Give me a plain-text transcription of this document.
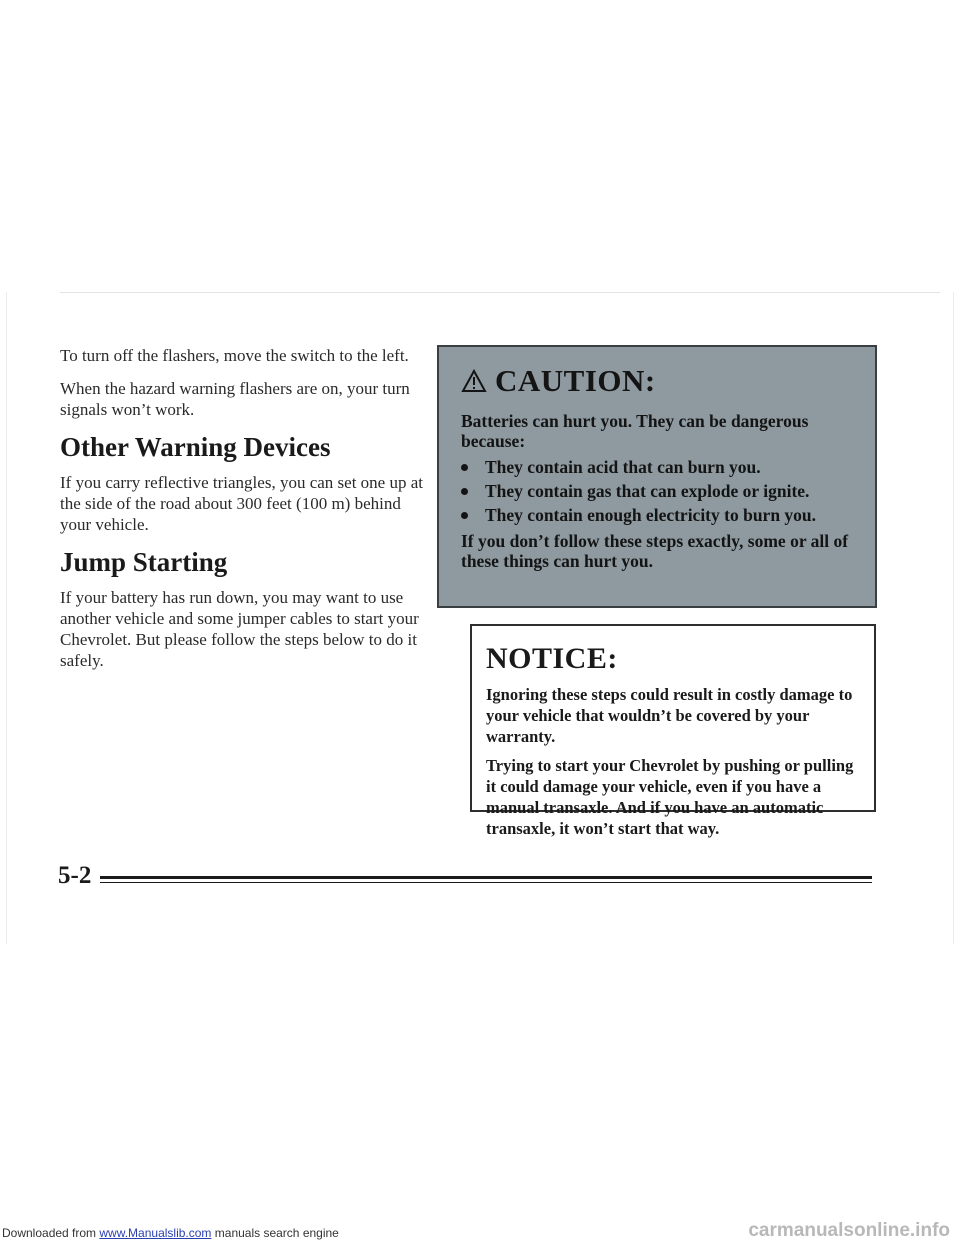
To turn off the flashers, move the switch to the left.

When the hazard warning flashers are on, your turn signals won’t work.

Other Warning Devices

If you carry reflective triangles, you can set one up at the side of the road about 300 feet (100 m) behind your vehicle.

Jump Starting

If your battery has run down, you may want to use another vehicle and some jumper cables to start your Chevrolet. But please follow the steps below to do it safely.

CAUTION:

Batteries can hurt you. They can be dangerous because:

They contain acid that can burn you.
They contain gas that can explode or ignite.
They contain enough electricity to burn you.

If you don’t follow these steps exactly, some or all of these things can hurt you.

NOTICE:

Ignoring these steps could result in costly damage to your vehicle that wouldn’t be covered by your warranty.

Trying to start your Chevrolet by pushing or pulling it could damage your vehicle, even if you have a manual transaxle. And if you have an automatic transaxle, it won’t start that way.

5-2
Downloaded from www.Manualslib.com manuals search engine	carmanualsonline.info
